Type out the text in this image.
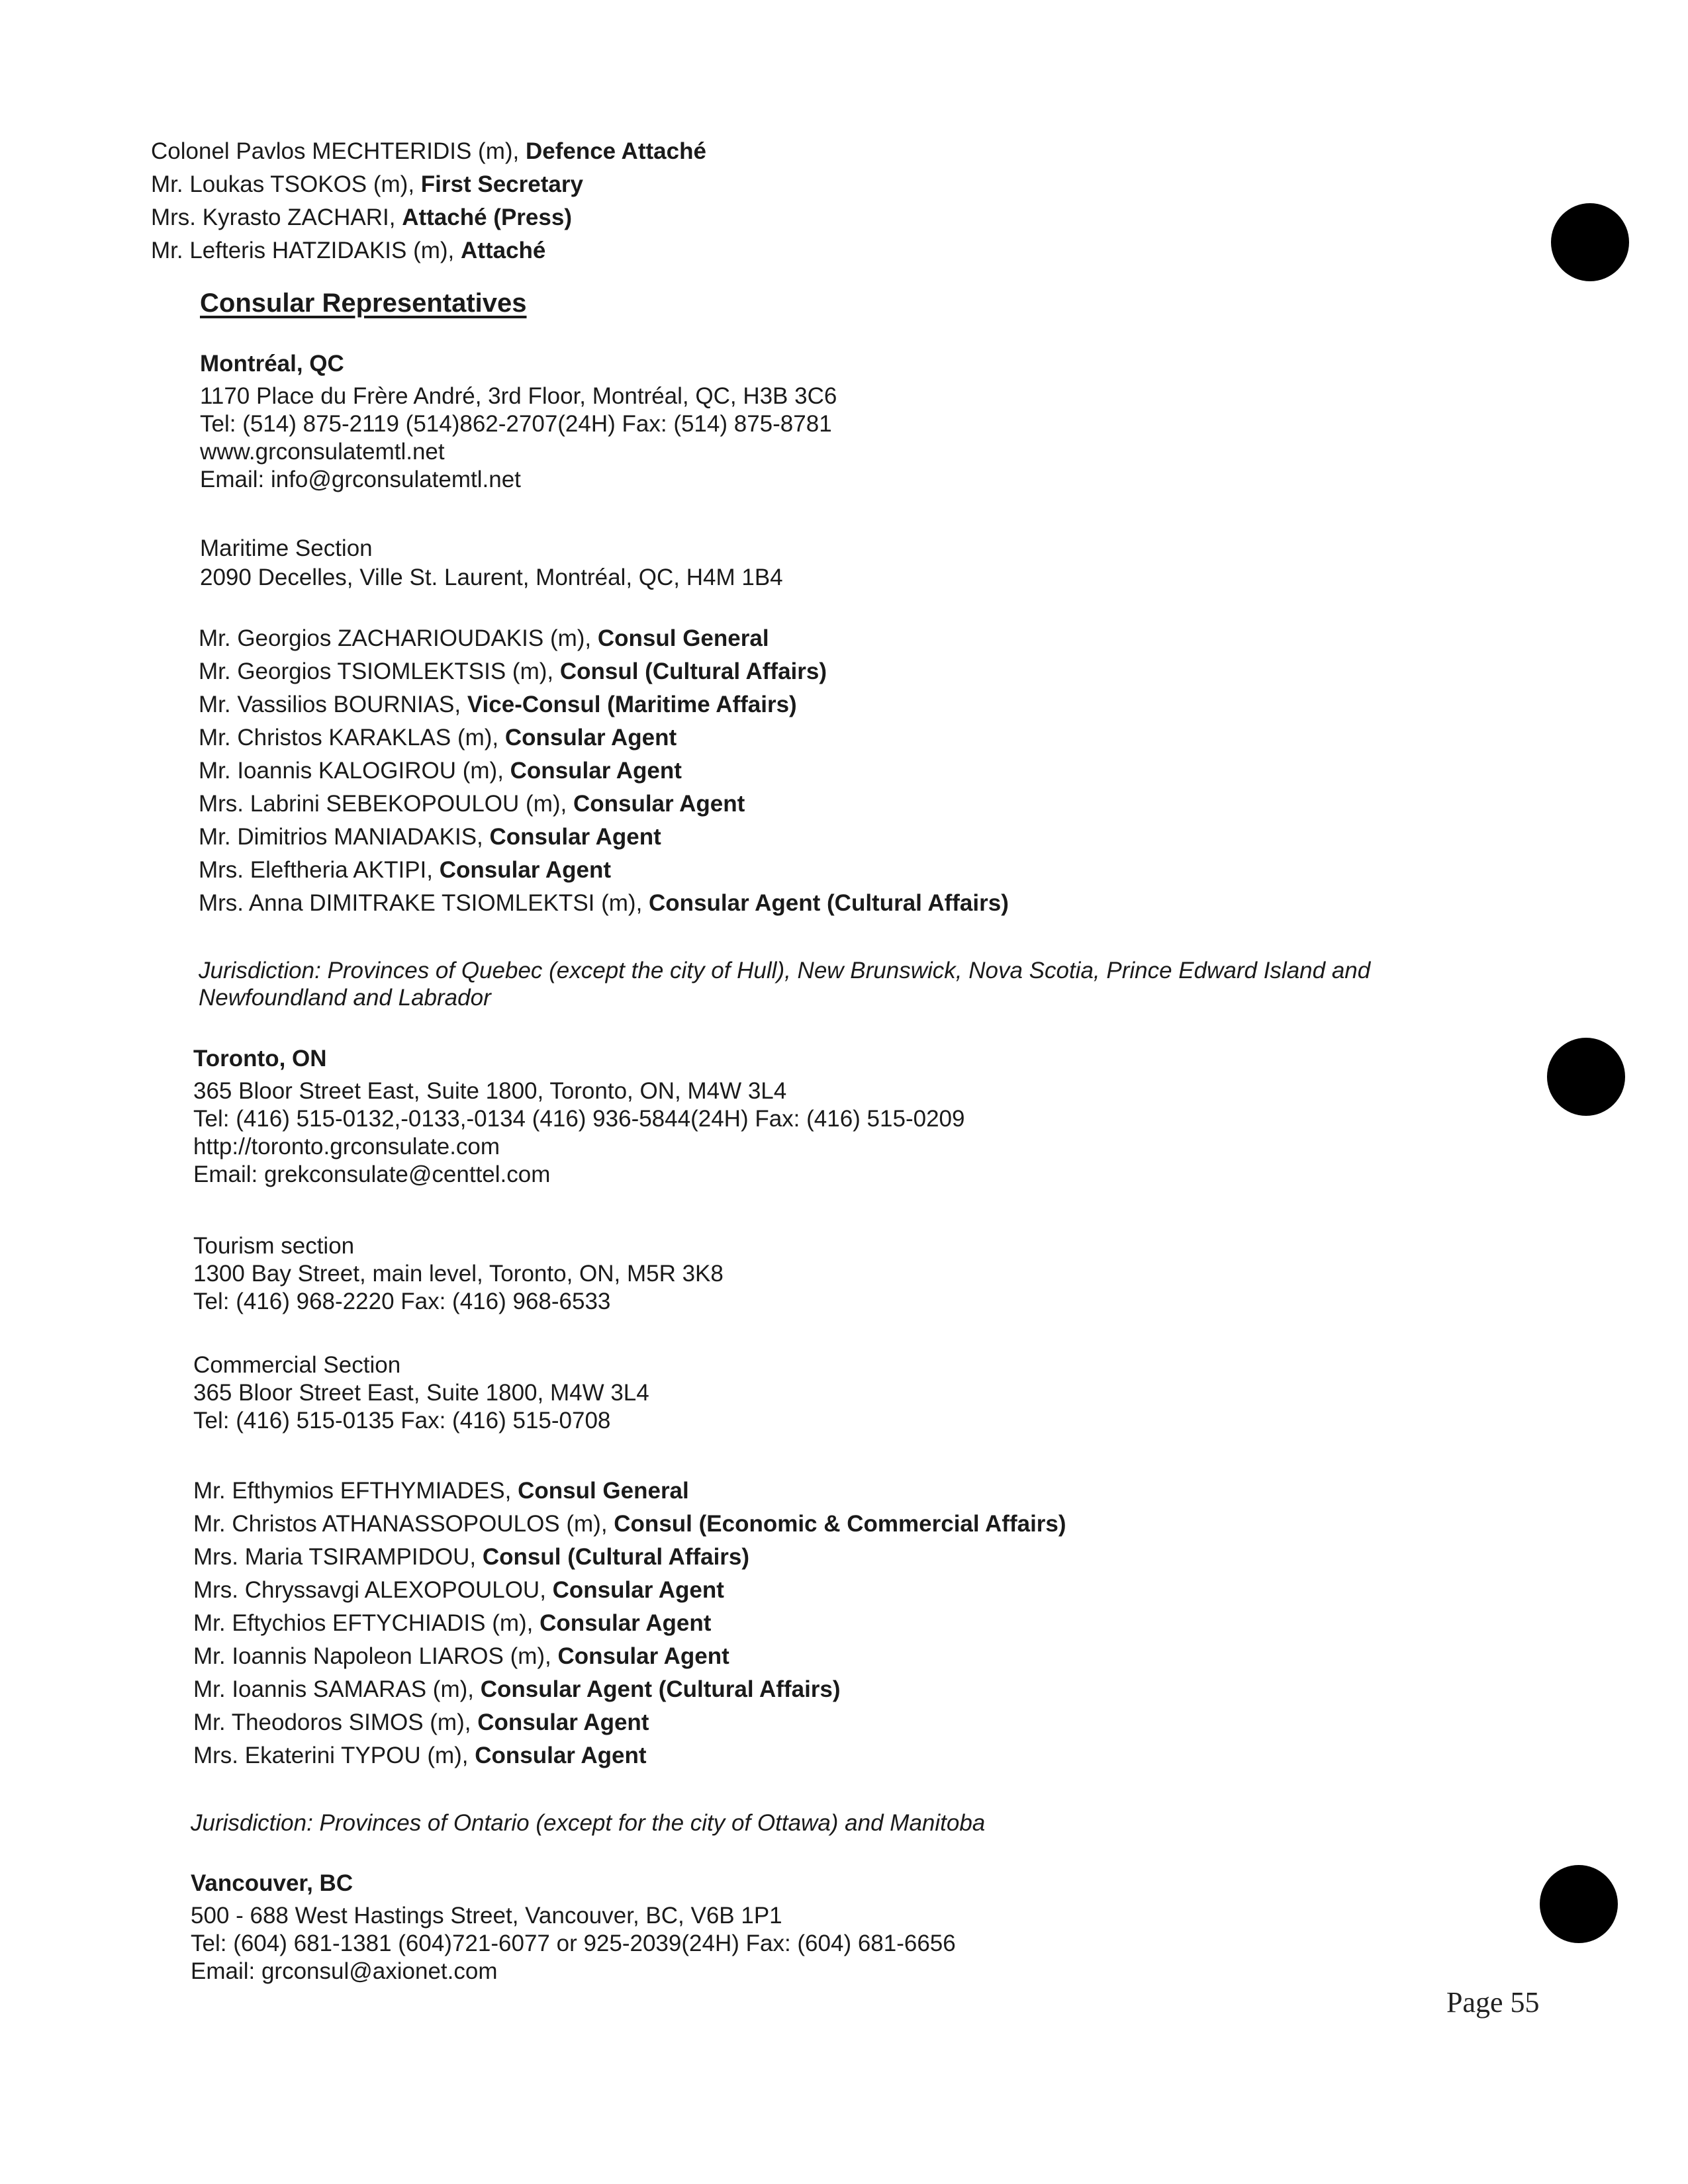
Colonel Pavlos MECHTERIDIS (m), Defence Attaché
Mr. Loukas TSOKOS (m), First Secretary
Mrs. Kyrasto ZACHARI, Attaché (Press)
Mr. Lefteris HATZIDAKIS (m), Attaché
Consular Representatives
Montréal, QC
1170 Place du Frère André, 3rd Floor, Montréal, QC, H3B 3C6
Tel: (514) 875-2119 (514)862-2707(24H) Fax: (514) 875-8781
www.grconsulatemtl.net
Email: info@grconsulatemtl.net
Maritime Section
2090 Decelles, Ville St. Laurent, Montréal, QC, H4M 1B4
Mr. Georgios ZACHARIOUDAKIS (m), Consul General
Mr. Georgios TSIOMLEKTSIS (m), Consul (Cultural Affairs)
Mr. Vassilios BOURNIAS, Vice-Consul (Maritime Affairs)
Mr. Christos KARAKLAS (m), Consular Agent
Mr. Ioannis KALOGIROU (m), Consular Agent
Mrs. Labrini SEBEKOPOULOU (m), Consular Agent
Mr. Dimitrios MANIADAKIS, Consular Agent
Mrs. Eleftheria AKTIPI, Consular Agent
Mrs. Anna DIMITRAKE TSIOMLEKTSI (m), Consular Agent (Cultural Affairs)
Jurisdiction: Provinces of Quebec (except the city of Hull), New Brunswick, Nova Scotia, Prince Edward Island and Newfoundland and Labrador
Toronto, ON
365 Bloor Street East, Suite 1800, Toronto, ON, M4W 3L4
Tel: (416) 515-0132,-0133,-0134 (416) 936-5844(24H) Fax: (416) 515-0209
http://toronto.grconsulate.com
Email: grekconsulate@centtel.com
Tourism section
1300 Bay Street, main level, Toronto, ON, M5R 3K8
Tel: (416) 968-2220 Fax: (416) 968-6533
Commercial Section
365 Bloor Street East, Suite 1800, M4W 3L4
Tel: (416) 515-0135 Fax: (416) 515-0708
Mr. Efthymios EFTHYMIADES, Consul General
Mr. Christos ATHANASSOPOULOS (m), Consul (Economic & Commercial Affairs)
Mrs. Maria TSIRAMPIDOU, Consul (Cultural Affairs)
Mrs. Chryssavgi ALEXOPOULOU, Consular Agent
Mr. Eftychios EFTYCHIADIS (m), Consular Agent
Mr. Ioannis Napoleon LIAROS (m), Consular Agent
Mr. Ioannis SAMARAS (m), Consular Agent (Cultural Affairs)
Mr. Theodoros SIMOS (m), Consular Agent
Mrs. Ekaterini TYPOU (m), Consular Agent
Jurisdiction: Provinces of Ontario (except for the city of Ottawa) and Manitoba
Vancouver, BC
500 - 688 West Hastings Street, Vancouver, BC, V6B 1P1
Tel: (604) 681-1381 (604)721-6077 or 925-2039(24H) Fax: (604) 681-6656
Email: grconsul@axionet.com
Page 55
